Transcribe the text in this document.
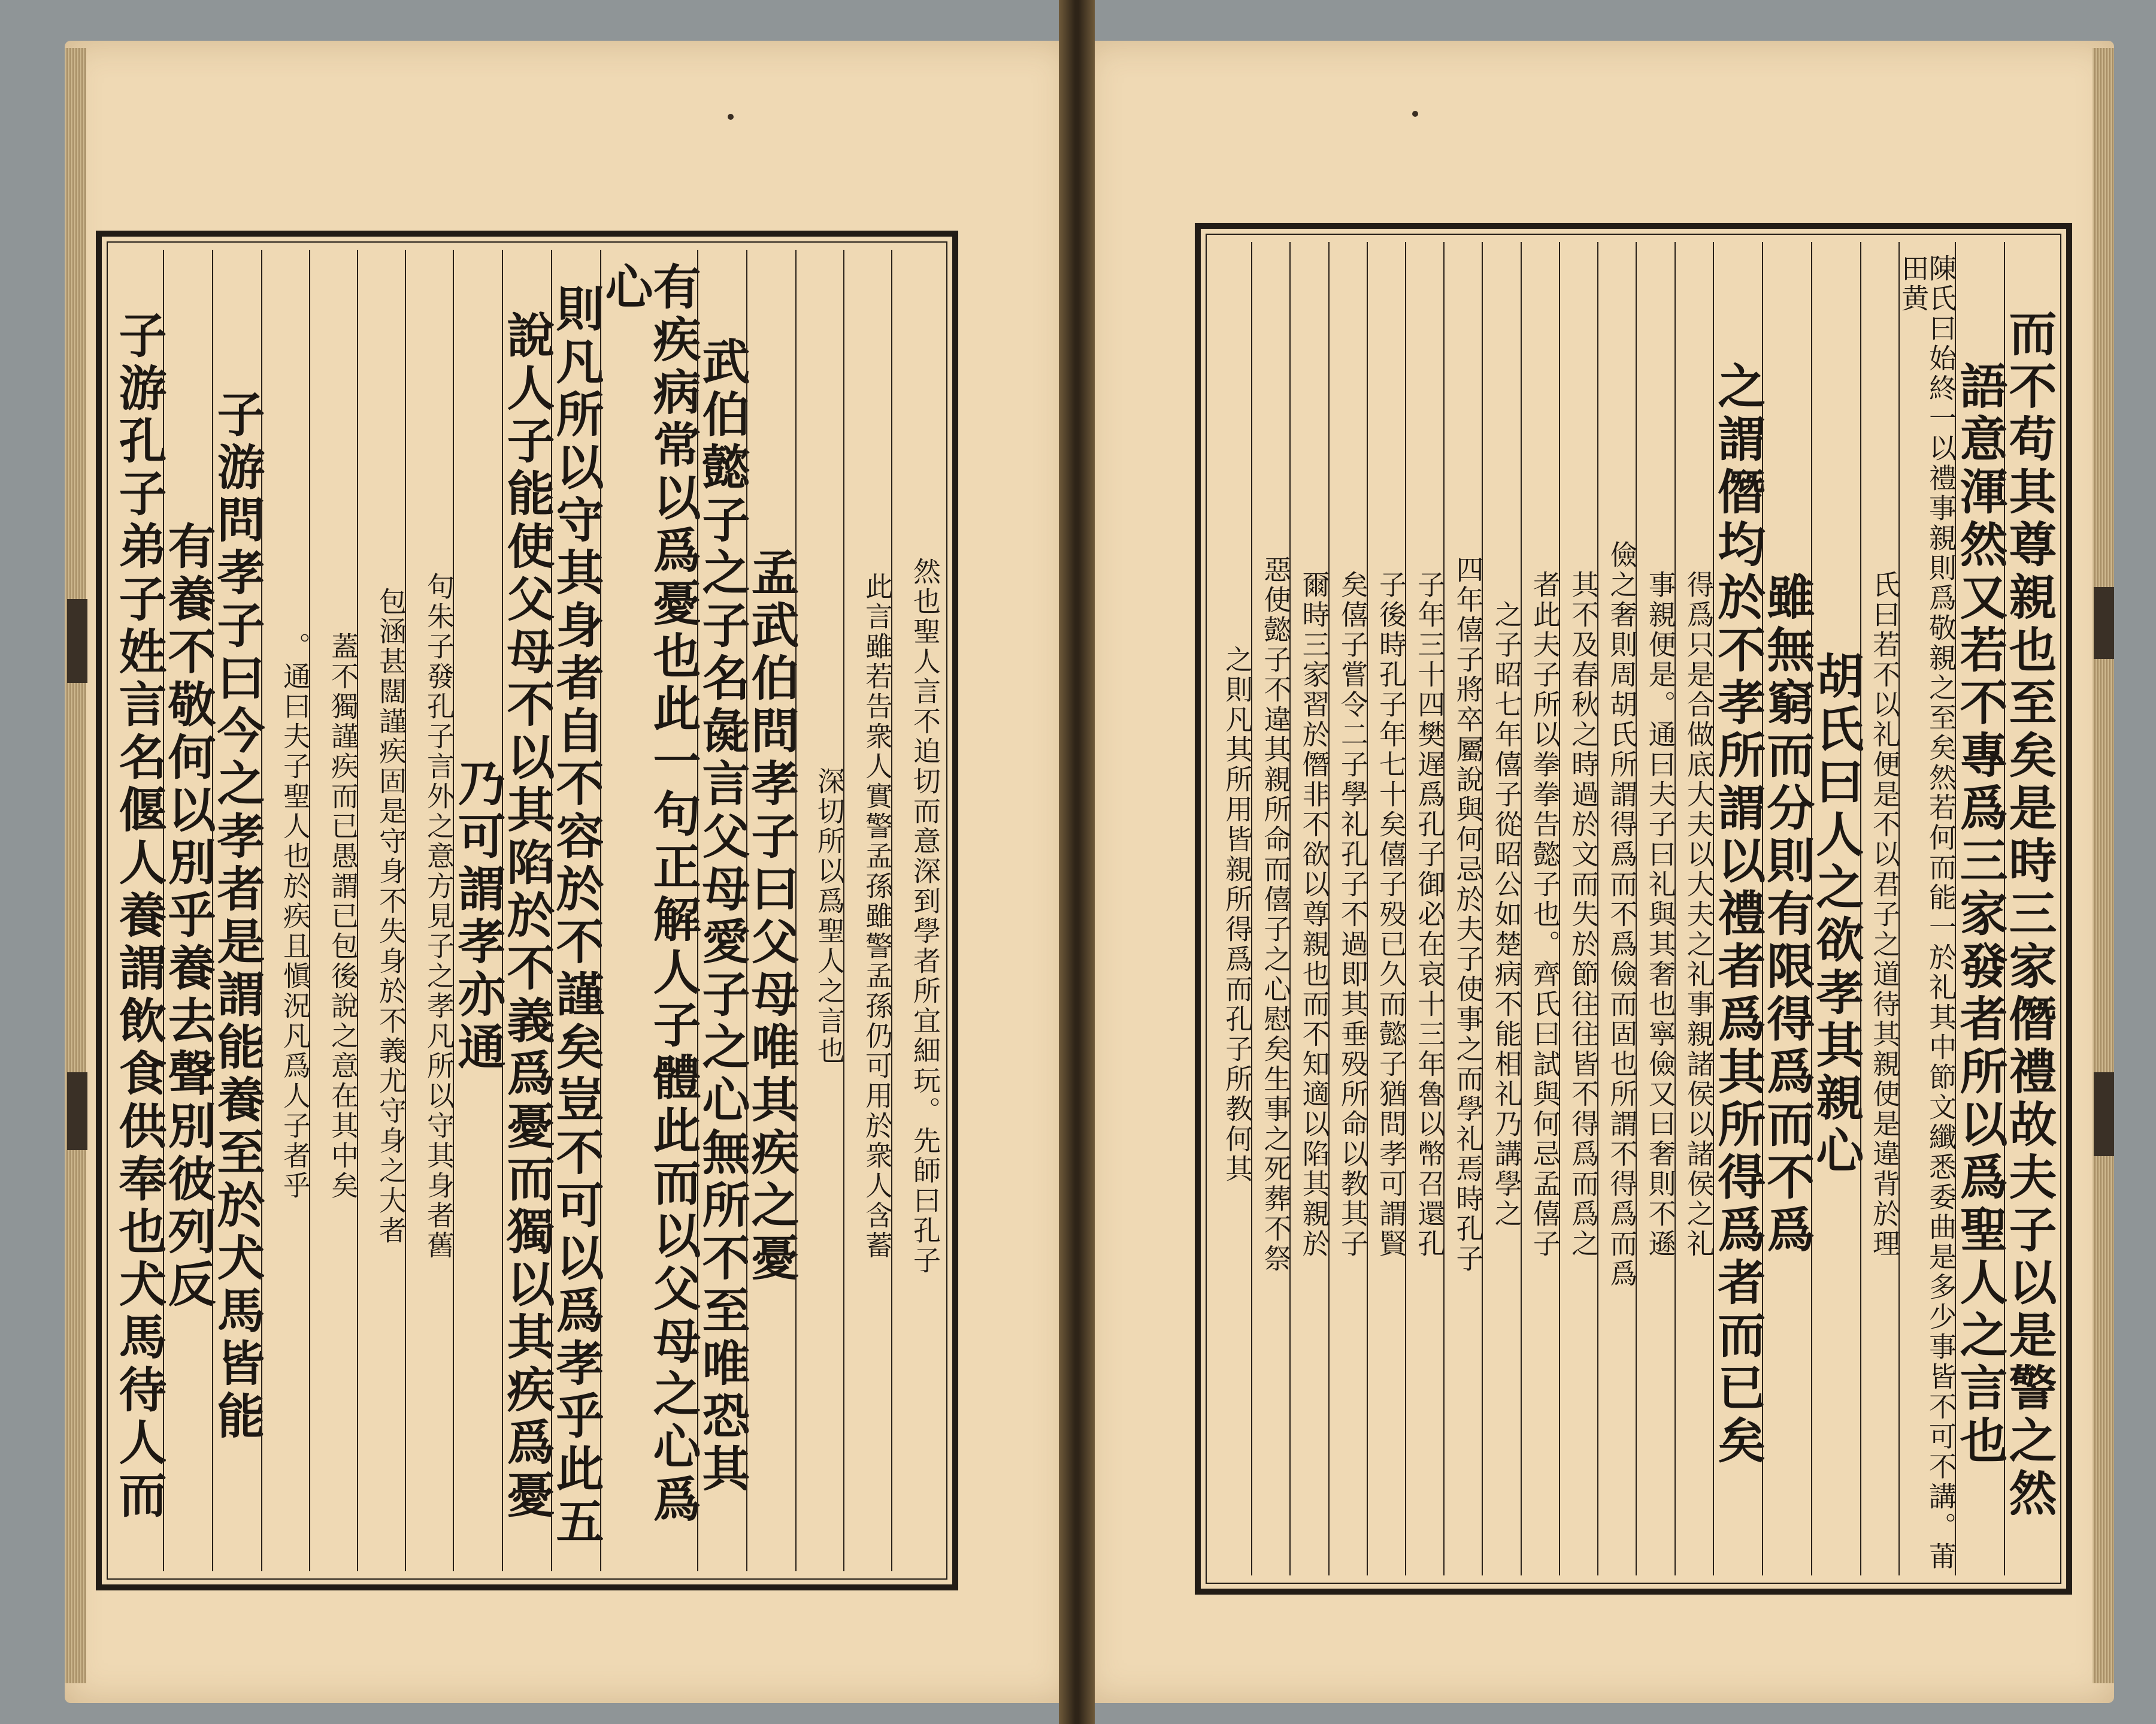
然也聖人言不迫切而意深到學者所宜細玩。先師曰孔子
此言雖若告衆人實警孟孫雖警孟孫仍可用於衆人含蓄
深切所以爲聖人之言也
孟武伯問孝子曰父母唯其疾之憂
武伯懿子之子名彘言父母愛子之心無所不至唯恐其
有疾病常以爲憂也此一句正解人子體此而以父母之心爲心
則凡所以守其身者自不容於不謹矣豈不可以爲孝乎此五
說人子能使父母不以其陷於不義爲憂而獨以其疾爲憂
乃可謂孝亦通
句朱子發孔子言外之意方見子之孝凡所以守其身者舊
包涵甚闊謹疾固是守身不失身於不義尤守身之大者
蓋不獨謹疾而已愚謂已包後說之意在其中矣
。通曰夫子聖人也於疾且愼況凡爲人子者乎
子游問孝子曰今之孝者是謂能養至於犬馬皆能
有養不敬何以別乎養去聲別彼列反
子游孔子弟子姓言名偃人養謂飲食供奉也犬馬待人而	而不苟其尊親也至矣是時三家僭禮故夫子以是警之然
語意渾然又若不專爲三家發者所以爲聖人之言也
陳氏曰始終一以禮事親則爲敬親之至矣然若何而能一於礼其中節文纖悉委曲是多少事皆不可不講。莆田黄
氏曰若不以礼便是不以君子之道待其親使是違背於理
胡氏曰人之欲孝其親心
雖無窮而分則有限得爲而不爲
之謂僭均於不孝所謂以禮者爲其所得爲者而已矣
得爲只是合做底大夫以大夫之礼事親諸侯以諸侯之礼
事親便是。通曰夫子曰礼與其奢也寧儉又曰奢則不遜
儉之奢則周胡氏所謂得爲而不爲儉而固也所謂不得爲而爲
其不及春秋之時過於文而失於節往往皆不得爲而爲之
者此夫子所以拳拳告懿子也。齊氏曰試與何忌孟僖子
之子昭七年僖子從昭公如楚病不能相礼乃講學之
四年僖子將卒屬說與何忌於夫子使事之而學礼焉時孔子
子年三十四樊遅爲孔子御必在哀十三年魯以幣召還孔
子後時孔子年七十矣僖子殁已久而懿子猶問孝可謂賢
矣僖子嘗令二子學礼孔子不過即其垂殁所命以教其子
爾時三家習於僭非不欲以尊親也而不知適以陷其親於
惡使懿子不違其親所命而僖子之心慰矣生事之死葬不祭
之則凡其所用皆親所得爲而孔子所教何其
